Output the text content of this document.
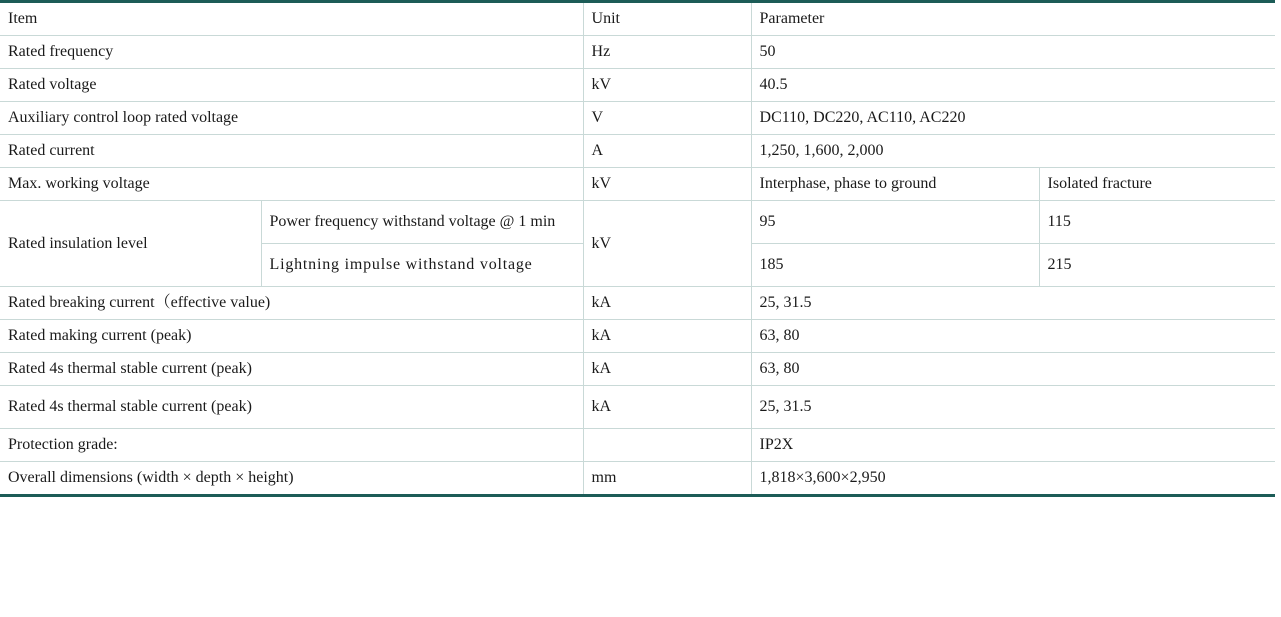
Item		Unit	Parameter	
Rated frequency		Hz	50	
Rated voltage		kV	40.5	
Auxiliary control loop rated voltage		V	DC110, DC220, AC110, AC220	
Rated current		A	1,250, 1,600, 2,000	
Max. working voltage		kV	Interphase, phase to ground	Isolated fracture
Rated insulation level	Power frequency withstand voltage @ 1 min	kV	95	115
	Lightning impulse withstand voltage		185	215
Rated breaking current（effective value)		kA	25, 31.5	
Rated making current (peak)		kA	63, 80	
Rated 4s thermal stable current (peak)		kA	63, 80	
Rated 4s thermal stable current (peak)		kA	25, 31.5	
Protection grade:			IP2X	
Overall dimensions (width × depth × height)		mm	1,818×3,600×2,950	
